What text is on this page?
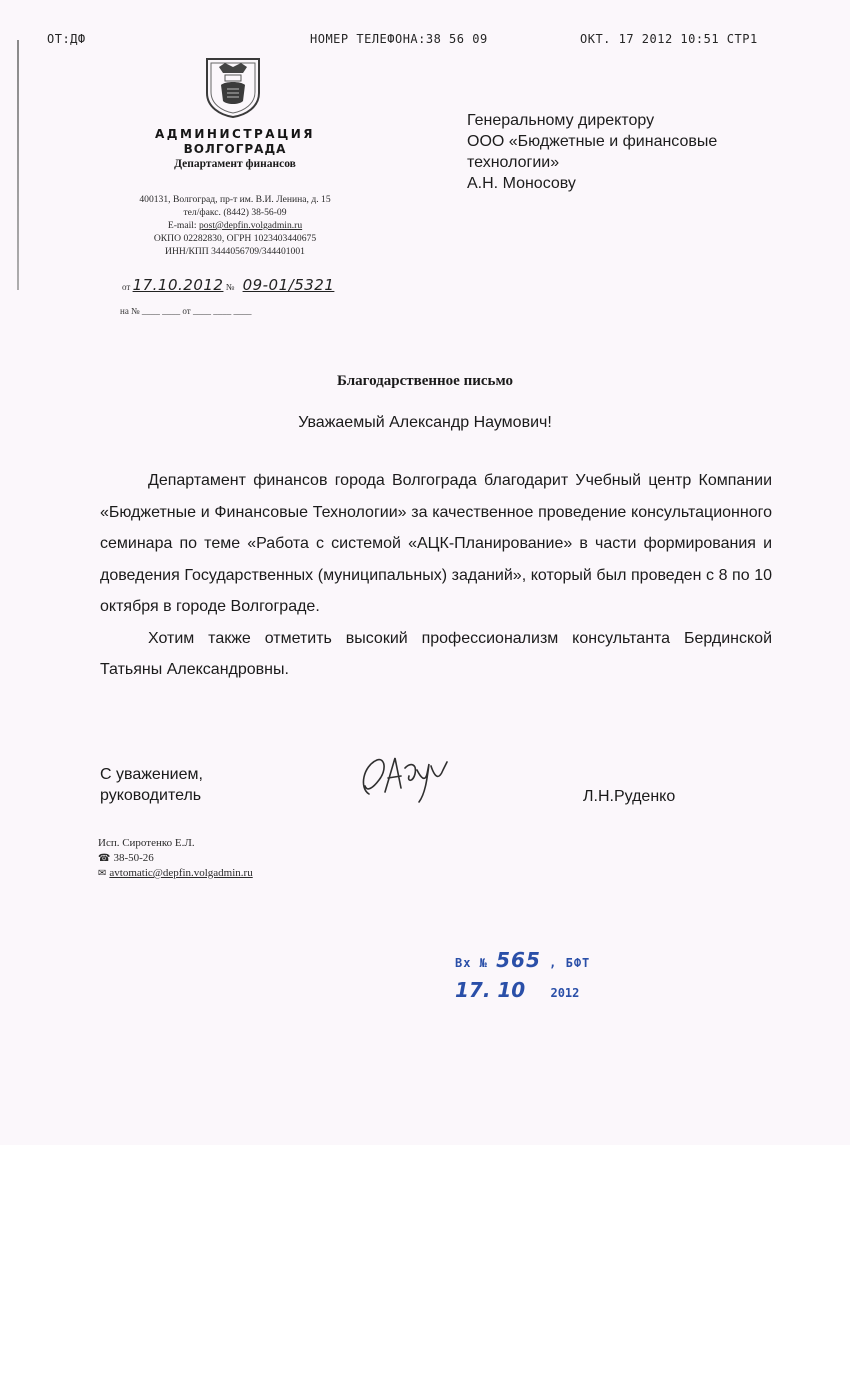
ОТ:ДФ	НОМЕР ТЕЛЕФОНА:38 56 09	ОКТ. 17 2012 10:51 СТР1
АДМИНИСТРАЦИЯ
ВОЛГОГРАДА
Департамент финансов
400131, Волгоград, пр-т им. В.И. Ленина, д. 15
тел/факс. (8442) 38-56-09
E-mail: post@depfin.volgadmin.ru
ОКПО 02282830, ОГРН 1023403440675
ИНН/КПП 3444056709/344401001
от 17.10.2012 № 09-01/5321
на № ____ ____ от ____ ____ ____
Генеральному директору
ООО «Бюджетные и финансовые
технологии»
А.Н. Моносову
Благодарственное письмо
Уважаемый Александр Наумович!

Департамент финансов города Волгограда благодарит Учебный центр Компании «Бюджетные и Финансовые Технологии» за качественное проведение консультационного семинара по теме «Работа с системой «АЦК-Планирование» в части формирования и доведения Государственных (муниципальных) заданий», который был проведен с 8 по 10 октября в городе Волгограде.

Хотим также отметить высокий профессионализм консультанта Бердинской Татьяны Александровны.

С уважением,
руководитель	Л.Н.Руденко
Исп. Сиротенко Е.Л.
☎ 38-50-26
✉ avtomatic@depfin.volgadmin.ru
Вх № 565 , БФТ
17. 10 2012
